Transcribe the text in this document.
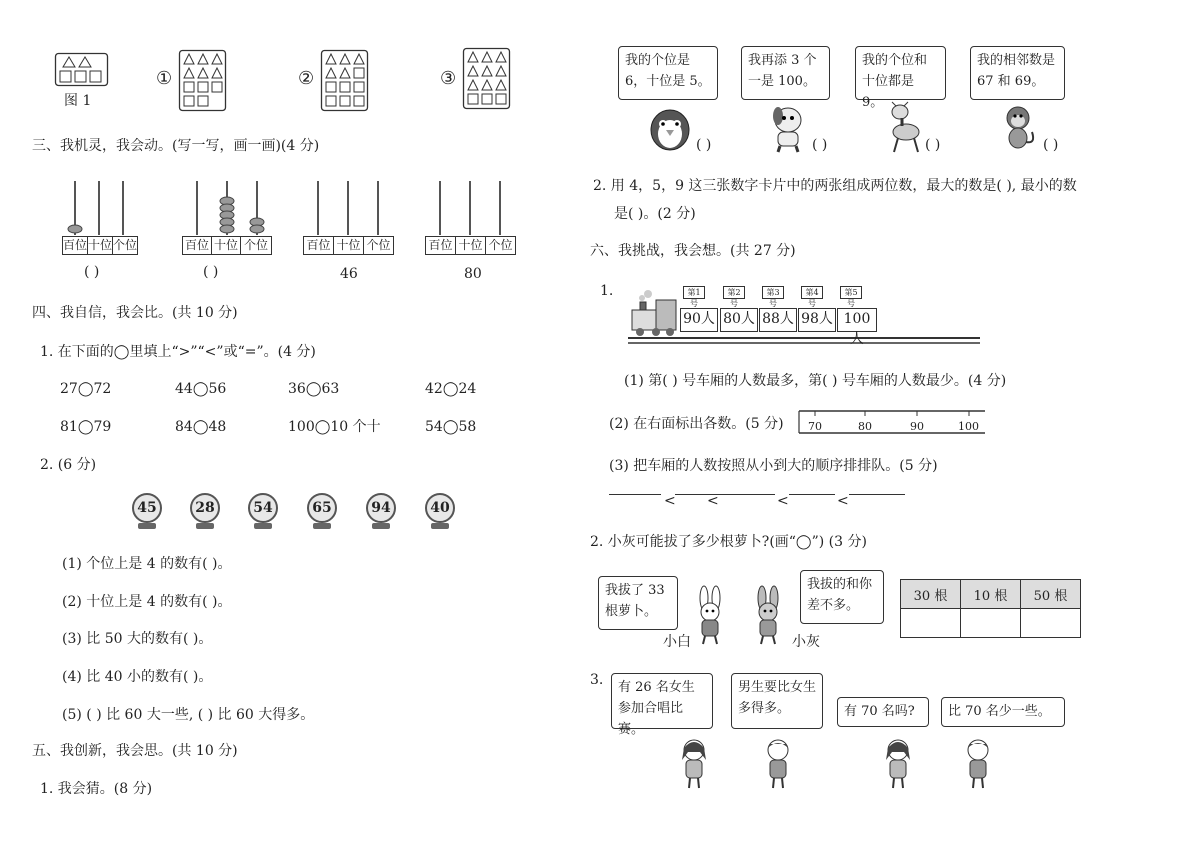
图 1
①	②	③
三、我机灵，我会动。(写一写，画一画)(4 分)
百位 十位 个位
( )
百位 十位 个位
( )
百位 十位 个位
46
百位 十位 个位
80
四、我自信，我会比。(共 10 分)
1. 在下面的◯里填上“>”“<”或“=”。(4 分)
27◯72	44◯56	36◯63	42◯24
81◯79	84◯48	100◯10 个十	54◯58
2. (6 分)
45	28	54	65	94	40
(1) 个位上是 4 的数有( )。
(2) 十位上是 4 的数有( )。
(3) 比 50 大的数有( )。
(4) 比 40 小的数有( )。
(5) ( ) 比 60 大一些, ( ) 比 60 大得多。
五、我创新，我会思。(共 10 分)
1. 我会猜。(8 分)
我的个位是 6，十位是 5。
我再添 3 个一是 100。
我的个位和十位都是 9。
我的相邻数是 67 和 69。
( )	( )	( )	( )
2. 用 4，5，9 这三张数字卡片中的两张组成两位数，最大的数是( ), 最小的数
是( )。(2 分)
六、我挑战，我会想。(共 27 分)
1.	第1号
第2号
第3号
第4号
第5号
90人 80人 88人 98人 100人
(1) 第( ) 号车厢的人数最多，第( ) 号车厢的人数最少。(4 分)
(2) 在右面标出各数。(5 分) 70	80	90	100
(3) 把车厢的人数按照从小到大的顺序排排队。(5 分)
< <	<	<
2. 小灰可能拔了多少根萝卜?(画“◯”) (3 分)
我拔了 33 根萝卜。
小白	小灰
我拔的和你差不多。
30 根	10 根	50 根

3.	有 26 名女生参加合唱比赛。
男生要比女生多得多。	有 70 名吗?	比 70 名少一些。
